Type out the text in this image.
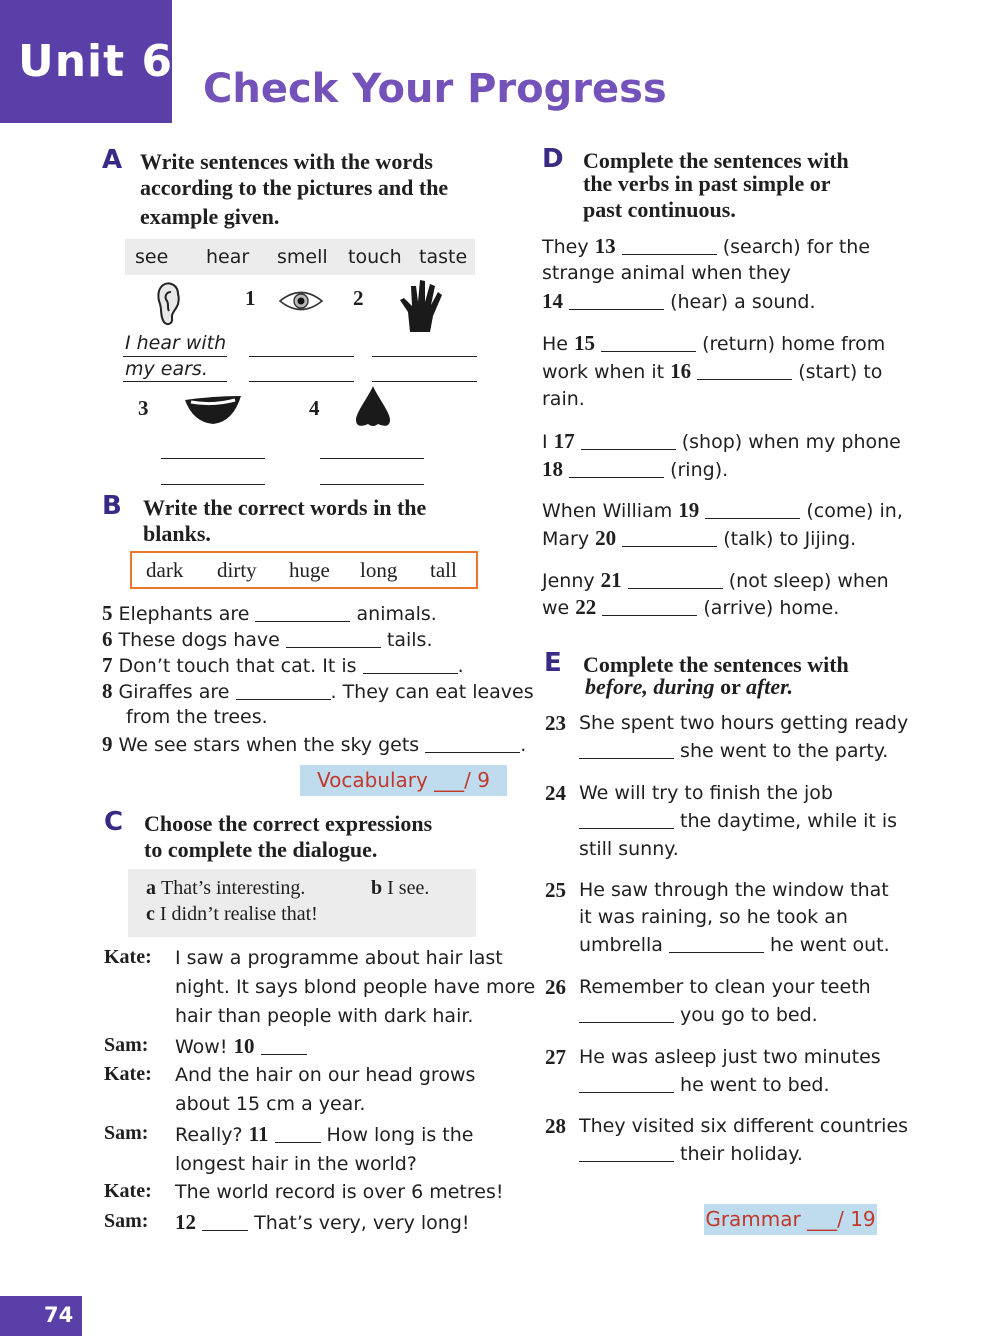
Unit 6
Check Your Progress
A Write sentences with the words
according to the pictures and the
example given.
see hear smell touch taste
1	2
I hear with
my ears.
3	4
B Write the correct words in the
blanks.
dark dirty huge long tall
5 Elephants are	animals.
6 These dogs have	tails.
7 Don’t touch that cat. It is	.
8 Giraffes are	. They can eat leaves
from the trees.
9 We see stars when the sky gets	.
Vocabulary ___/ 9
C Choose the correct expressions
to complete the dialogue.
a That’s interesting.	b I see.
c I didn’t realise that!
Kate: I saw a programme about hair last
night. It says blond people have more
hair than people with dark hair.
Sam: Wow! 10
Kate: And the hair on our head grows
about 15 cm a year.
Sam: Really? 11	How long is the
longest hair in the world?
Kate: The world record is over 6 metres!
Sam: 12	That’s very, very long!
D Complete the sentences with
the verbs in past simple or
past continuous.
They 13	(search) for the
strange animal when they
14	(hear) a sound.
He 15	(return) home from
work when it 16	(start) to
rain.
I 17	(shop) when my phone
18	(ring).
When William 19	(come) in,
Mary 20	(talk) to Jijing.
Jenny 21	(not sleep) when
we 22	(arrive) home.
E Complete the sentences with
before, during or after.
23 She spent two hours getting ready
she went to the party.
24 We will try to finish the job
the daytime, while it is
still sunny.
25 He saw through the window that
it was raining, so he took an
umbrella	he went out.
26 Remember to clean your teeth
you go to bed.
27 He was asleep just two minutes
he went to bed.
28 They visited six different countries
their holiday.
Grammar ___/ 19
74
